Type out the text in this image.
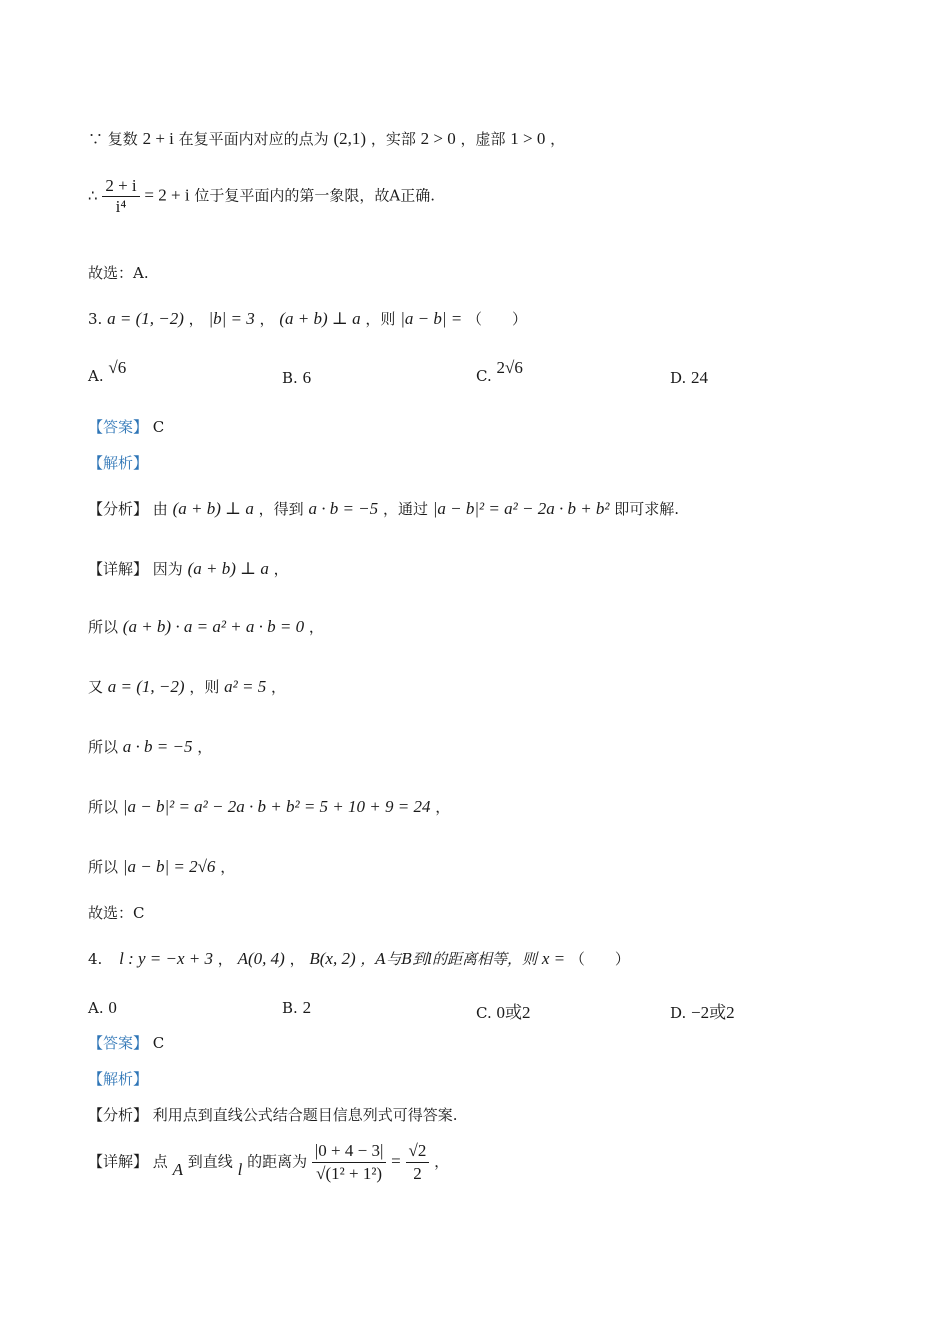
∵ 复数 2 + i 在复平面内对应的点为 (2,1) ，实部 2 > 0 ，虚部 1 > 0 ，
∴ $\frac{2 + i}{\text{i⁴}} = 2 + i$ 位于复平面内的第一象限，故A正确.
故选：A.
3. a = (1, −2) ， |b| = 3 ， (a + b) ⊥ a ，则 |a − b| = （　　）
A. √6
B. 6	C. 2√6
D. 24
【答案】 C
【解析】
【分析】 由 (a + b) ⊥ a ，得到 a · b = −5 ，通过 |a − b|² = a² − 2a · b + b² 即可求解.
【详解】 因为 (a + b) ⊥ a ，
所以 (a + b) · a = a² + a · b = 0 ，
又 a = (1, −2) ，则 a² = 5 ，
所以 a · b = −5 ，
所以 |a − b|² = a² − 2a · b + b² = 5 + 10 + 9 = 24 ，
所以 |a − b| = 2√6 ，
故选：C
4. l : y = −x + 3 ， A(0, 4) ， B(x, 2) ，A与B到l的距离相等，则 x = （　　）
A. 0	B. 2	C. 0或2	D. −2或2
【答案】 C
【解析】
【分析】 利用点到直线公式结合题目信息列式可得答案.
【详解】 点 A 到直线 l 的距离为 $\frac{|0 + 4 - 3|}{\text{√(1² + 1²)}} = \frac{√2}{2}$ ，
